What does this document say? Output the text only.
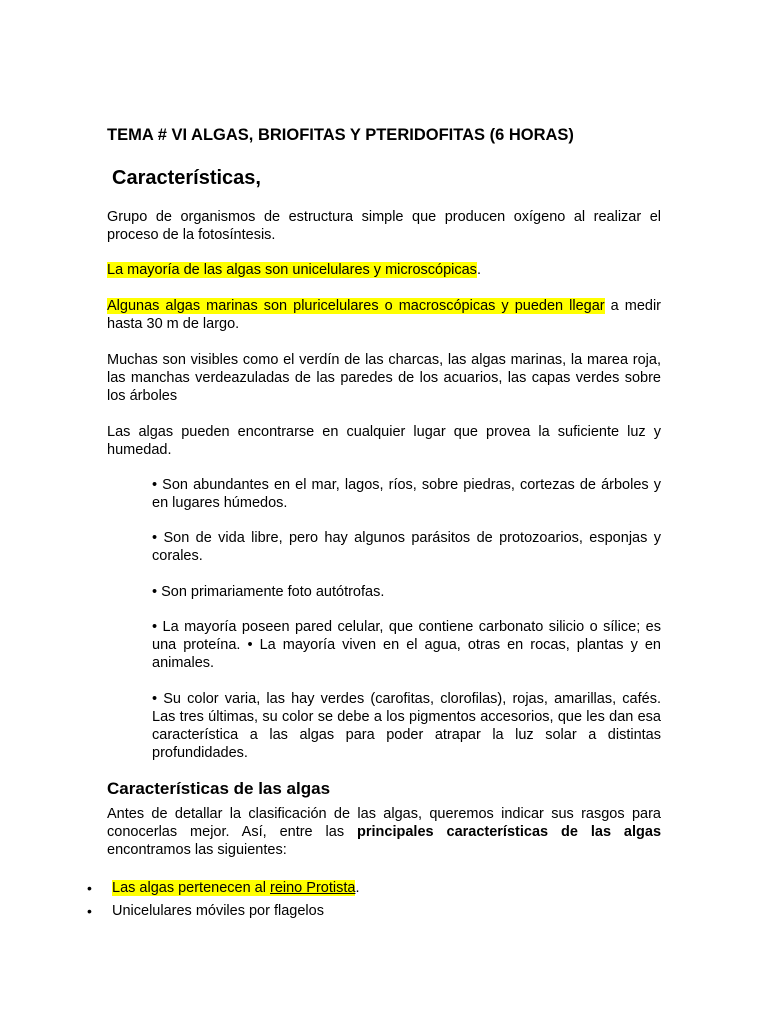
TEMA # VI ALGAS, BRIOFITAS Y PTERIDOFITAS (6 HORAS)
Características,
Grupo de organismos de estructura simple que producen oxígeno al realizar el proceso de la fotosíntesis.
La mayoría de las algas son unicelulares y microscópicas.
Algunas algas marinas son pluricelulares o macroscópicas y pueden llegar a medir hasta 30 m de largo.
Muchas son visibles como el verdín de las charcas, las algas marinas, la marea roja, las manchas verdeazuladas de las paredes de los acuarios, las capas verdes sobre los árboles
Las algas pueden encontrarse en cualquier lugar que provea la suficiente luz y humedad.
• Son abundantes en el mar, lagos, ríos, sobre piedras, cortezas de árboles y en lugares húmedos.
• Son de vida libre, pero hay algunos parásitos de protozoarios, esponjas y corales.
• Son primariamente foto autótrofas.
• La mayoría poseen pared celular, que contiene carbonato silicio o sílice; es una proteína. • La mayoría viven en el agua, otras en rocas, plantas y en animales.
• Su color varia, las hay verdes (carofitas, clorofilas), rojas, amarillas, cafés. Las tres últimas, su color se debe a los pigmentos accesorios, que les dan esa característica a las algas para poder atrapar la luz solar a distintas profundidades.
Características de las algas
Antes de detallar la clasificación de las algas, queremos indicar sus rasgos para conocerlas mejor. Así, entre las principales características de las algas encontramos las siguientes:
• Las algas pertenecen al reino Protista.
• Unicelulares móviles por flagelos
